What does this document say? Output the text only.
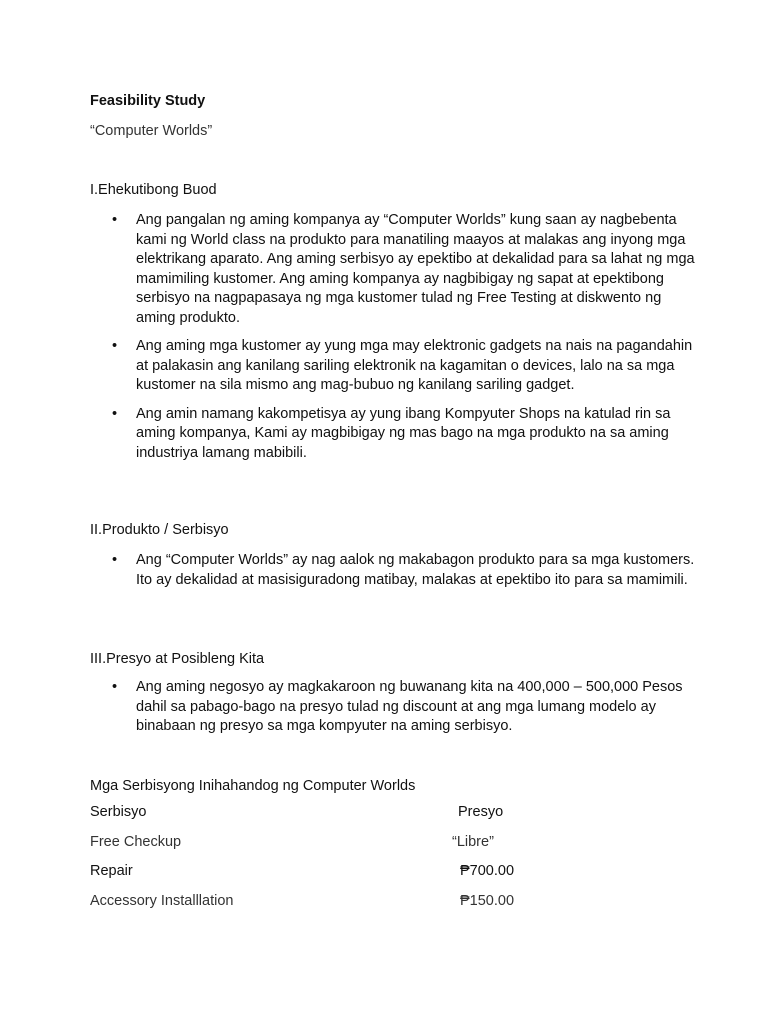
Feasibility Study
“Computer Worlds”
I.Ehekutibong Buod
•	Ang pangalan ng aming kompanya ay “Computer Worlds” kung saan ay nagbebenta kami ng World class na produkto para manatiling maayos at malakas ang inyong mga elektrikang aparato. Ang aming serbisyo ay epektibo at dekalidad para sa lahat ng mga mamimiling kustomer. Ang aming kompanya ay nagbibigay ng sapat at epektibong serbisyo na nagpapasaya ng mga kustomer tulad ng Free Testing at diskwento ng aming produkto.
•	Ang aming mga kustomer ay yung mga may elektronic gadgets na nais na pagandahin at palakasin ang kanilang sariling elektronik na kagamitan o devices, lalo na sa mga kustomer na sila mismo ang mag-bubuo ng kanilang sariling gadget.
•	Ang amin namang kakompetisya ay yung ibang Kompyuter Shops na katulad rin sa aming kompanya, Kami ay magbibigay ng mas bago na mga produkto na sa aming industriya lamang mabibili.
II.Produkto / Serbisyo
•	Ang “Computer Worlds” ay nag aalok ng makabagon produkto para sa mga kustomers. Ito ay dekalidad at masisiguradong matibay, malakas at epektibo ito para sa mamimili.
III.Presyo at Posibleng Kita
•	Ang aming negosyo ay magkakaroon ng buwanang kita na 400,000 – 500,000 Pesos dahil sa pabago-bago na presyo tulad ng discount at ang mga lumang modelo ay binabaan ng presyo sa mga kompyuter na aming serbisyo.
Mga Serbisyong Inihahandog ng Computer Worlds
Serbisyo	Presyo
Free Checkup	“Libre”
Repair	₱700.00
Accessory Installlation	₱150.00
